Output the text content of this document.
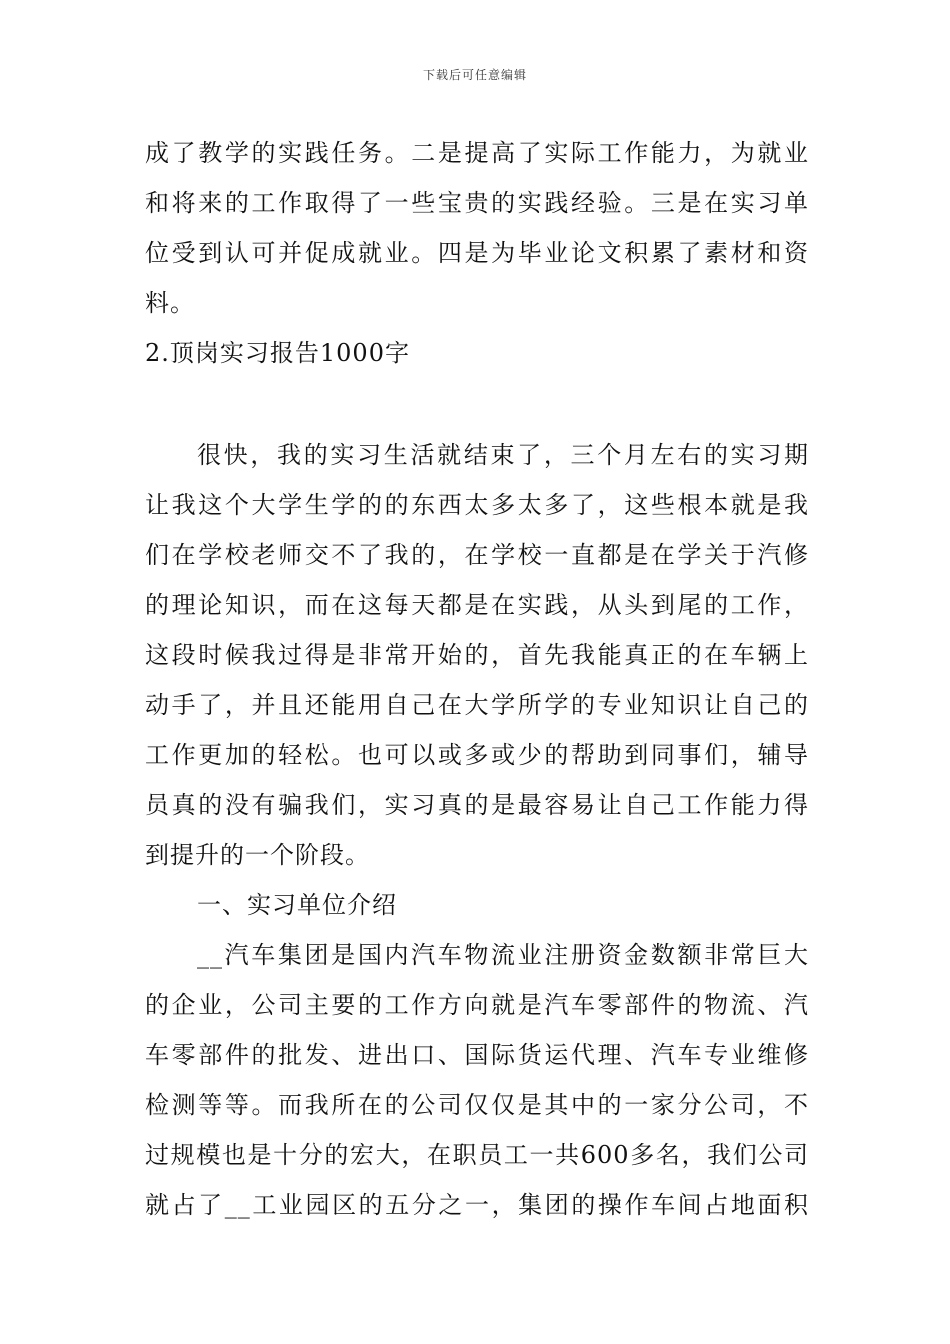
下载后可任意编辑
成了教学的实践任务。二是提高了实际工作能力，为就业
和将来的工作取得了一些宝贵的实践经验。三是在实习单
位受到认可并促成就业。四是为毕业论文积累了素材和资
料。
2.顶岗实习报告1000字
很快，我的实习生活就结束了，三个月左右的实习期
让我这个大学生学的的东西太多太多了，这些根本就是我
们在学校老师交不了我的，在学校一直都是在学关于汽修
的理论知识，而在这每天都是在实践，从头到尾的工作，
这段时候我过得是非常开始的，首先我能真正的在车辆上
动手了，并且还能用自己在大学所学的专业知识让自己的
工作更加的轻松。也可以或多或少的帮助到同事们，辅导
员真的没有骗我们，实习真的是最容易让自己工作能力得
到提升的一个阶段。
一、实习单位介绍
__汽车集团是国内汽车物流业注册资金数额非常巨大
的企业，公司主要的工作方向就是汽车零部件的物流、汽
车零部件的批发、进出口、国际货运代理、汽车专业维修
检测等等。而我所在的公司仅仅是其中的一家分公司，不
过规模也是十分的宏大，在职员工一共600多名，我们公司
就占了__工业园区的五分之一，集团的操作车间占地面积
